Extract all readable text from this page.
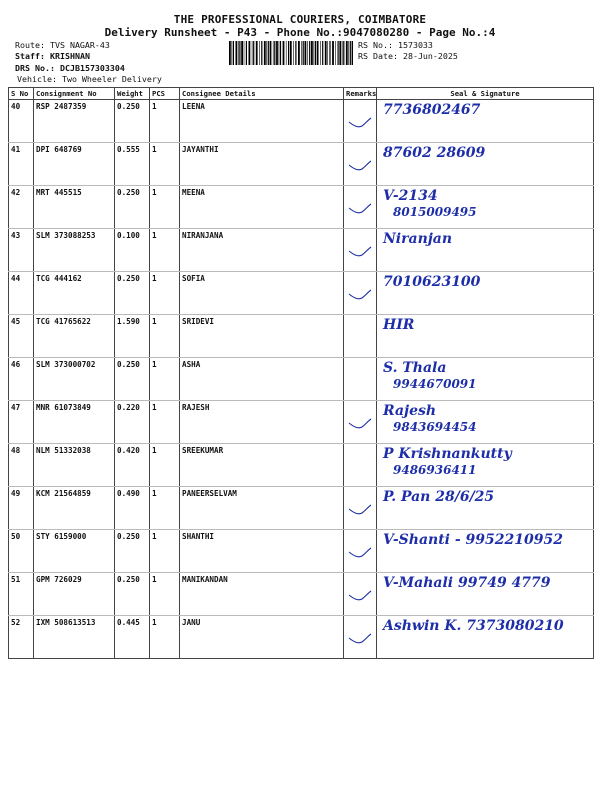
THE PROFESSIONAL COURIERS, COIMBATORE
Delivery Runsheet - P43 - Phone No.:9047080280 - Page No.:4
Route: TVS NAGAR-43
Staff: KRISHNAN
DRS No.: DCJB157303304
Vehicle: Two Wheeler Delivery
RS No.: 1573033
RS Date: 28-Jun-2025
S No	Consignment No	Weight	PCS	Consignee Details	Remarks	Seal & Signature
40	RSP 2487359	0.250	1	LEENA		7736802467

41	DPI 648769	0.555	1	JAYANTHI		87602 28609

42	MRT 445515	0.250	1	MEENA		V-2134
8015009495

43	SLM 373088253	0.100	1	NIRANJANA		Niranjan

44	TCG 444162	0.250	1	SOFIA		7010623100

45	TCG 41765622	1.590	1	SRIDEVI		HIR

46	SLM 373000702	0.250	1	ASHA		S. Thala
9944670091

47	MNR 61073849	0.220	1	RAJESH		Rajesh
9843694454

48	NLM 51332038	0.420	1	SREEKUMAR		P Krishnankutty
9486936411

49	KCM 21564859	0.490	1	PANEERSELVAM		P. Pan 28/6/25

50	STY 6159000	0.250	1	SHANTHI		V-Shanti - 9952210952

51	GPM 726029	0.250	1	MANIKANDAN		V-Mahali 99749 4779

52	IXM 508613513	0.445	1	JANU		Ashwin K. 7373080210
